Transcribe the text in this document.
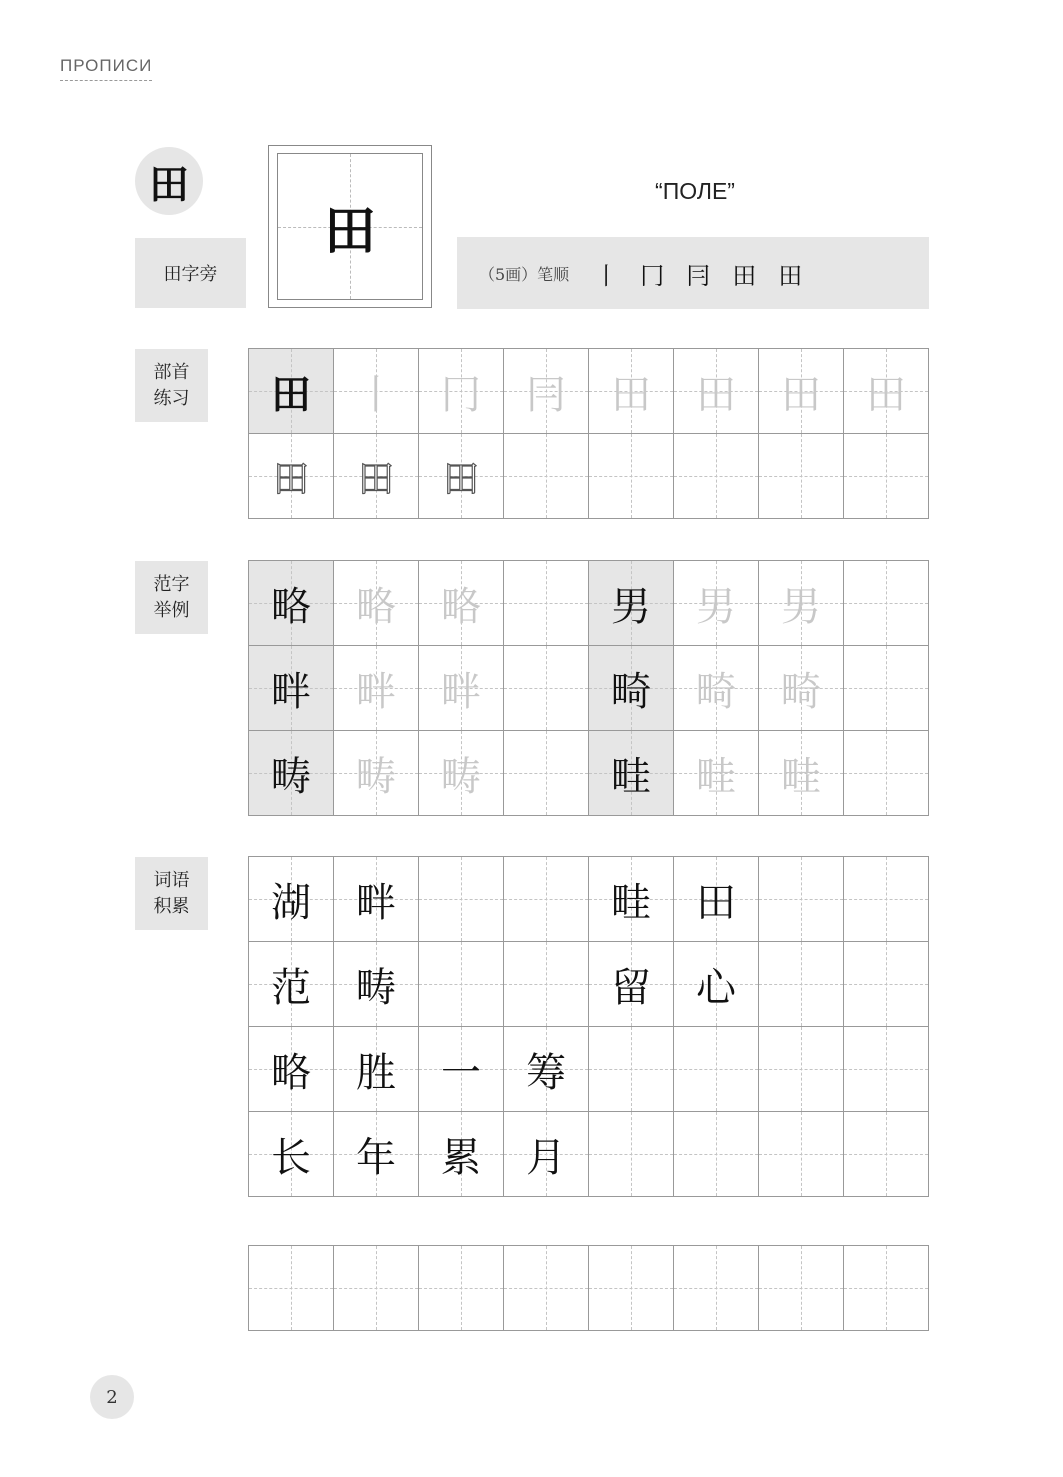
ПРОПИСИ
田
田字旁
田
“ПОЛЕ”
（5画）笔顺	丨 冂 冃 田 田
部首练习 田 丨 冂 冃 田 田 田 田
田 田 田
范字举例 略 略 略	男 男 男
畔 畔 畔	畸 畸 畸
畴 畴 畴	畦 畦 畦
词语积累 湖 畔	畦 田
范 畴	留 心
略 胜 一 筹
长 年 累 月
2
